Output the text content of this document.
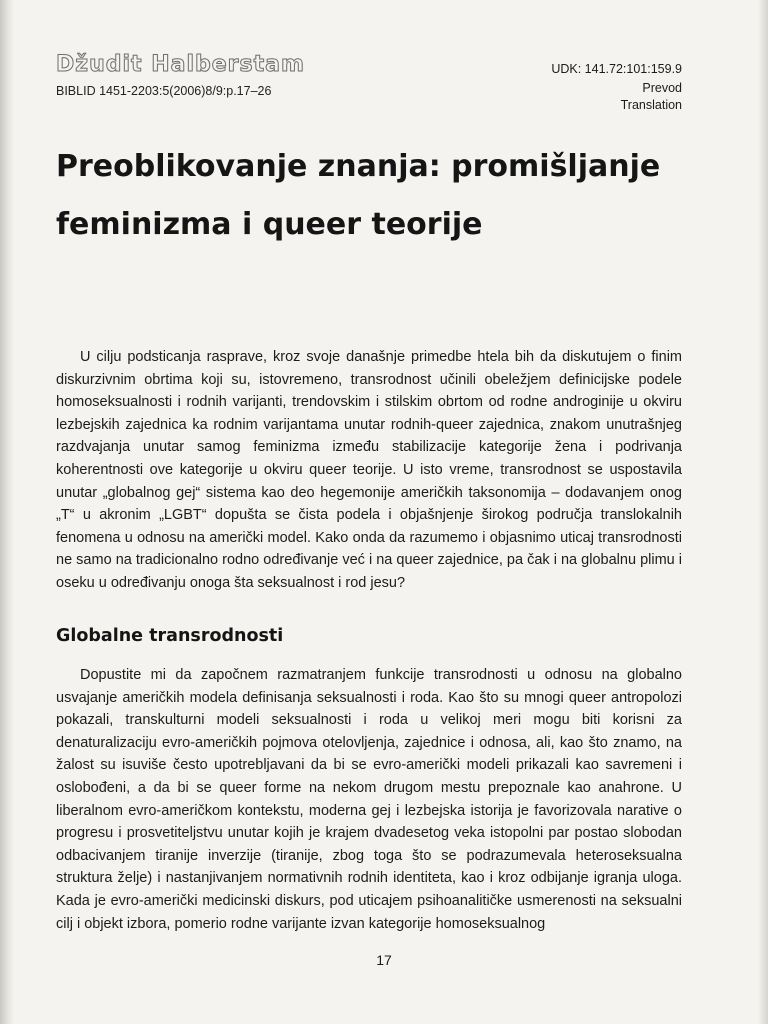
Džudit Halberstam
BIBLID 1451-2203:5(2006)8/9:p.17–26
UDK: 141.72:101:159.9
Prevod
Translation
Preoblikovanje znanja: promišljanje feminizma i queer teorije

U cilju podsticanja rasprave, kroz svoje današnje primedbe htela bih da diskutujem o finim diskurzivnim obrtima koji su, istovremeno, transrodnost učinili obeležjem definicijske podele homoseksualnosti i rodnih varijanti, trendovskim i stilskim obrtom od rodne androginije u okviru lezbejskih zajednica ka rodnim varijantama unutar rodnih-queer zajednica, znakom unutrašnjeg razdvajanja unutar samog feminizma između stabilizacije kategorije žena i podrivanja koherentnosti ove kategorije u okviru queer teorije. U isto vreme, transrodnost se uspostavila unutar „globalnog gej“ sistema kao deo hegemonije američkih taksonomija – dodavanjem onog „T“ u akronim „LGBT“ dopušta se čista podela i objašnjenje širokog područja translokalnih fenomena u odnosu na američki model. Kako onda da razumemo i objasnimo uticaj transrodnosti ne samo na tradicionalno rodno određivanje već i na queer zajednice, pa čak i na globalnu plimu i oseku u određivanju onoga šta seksualnost i rod jesu?

Globalne transrodnosti

Dopustite mi da započnem razmatranjem funkcije transrodnosti u odnosu na globalno usvajanje američkih modela definisanja seksualnosti i roda. Kao što su mnogi queer antropolozi pokazali, transkulturni modeli seksualnosti i roda u velikoj meri mogu biti korisni za denaturalizaciju evro-američkih pojmova otelovljenja, zajednice i odnosa, ali, kao što znamo, na žalost su isuviše često upotrebljavani da bi se evro-američki modeli prikazali kao savremeni i oslobođeni, a da bi se queer forme na nekom drugom mestu prepoznale kao anahrone. U liberalnom evro-američkom kontekstu, moderna gej i lezbejska istorija je favorizovala narative o progresu i prosvetiteljstvu unutar kojih je krajem dvadesetog veka istopolni par postao slobodan odbacivanjem tiranije inverzije (tiranije, zbog toga što se podrazumevala heteroseksualna struktura želje) i nastanjivanjem normativnih rodnih identiteta, kao i kroz odbijanje igranja uloga. Kada je evro-američki medicinski diskurs, pod uticajem psihoanalitičke usmerenosti na seksualni cilj i objekt izbora, pomerio rodne varijante izvan kategorije homoseksualnog

17
